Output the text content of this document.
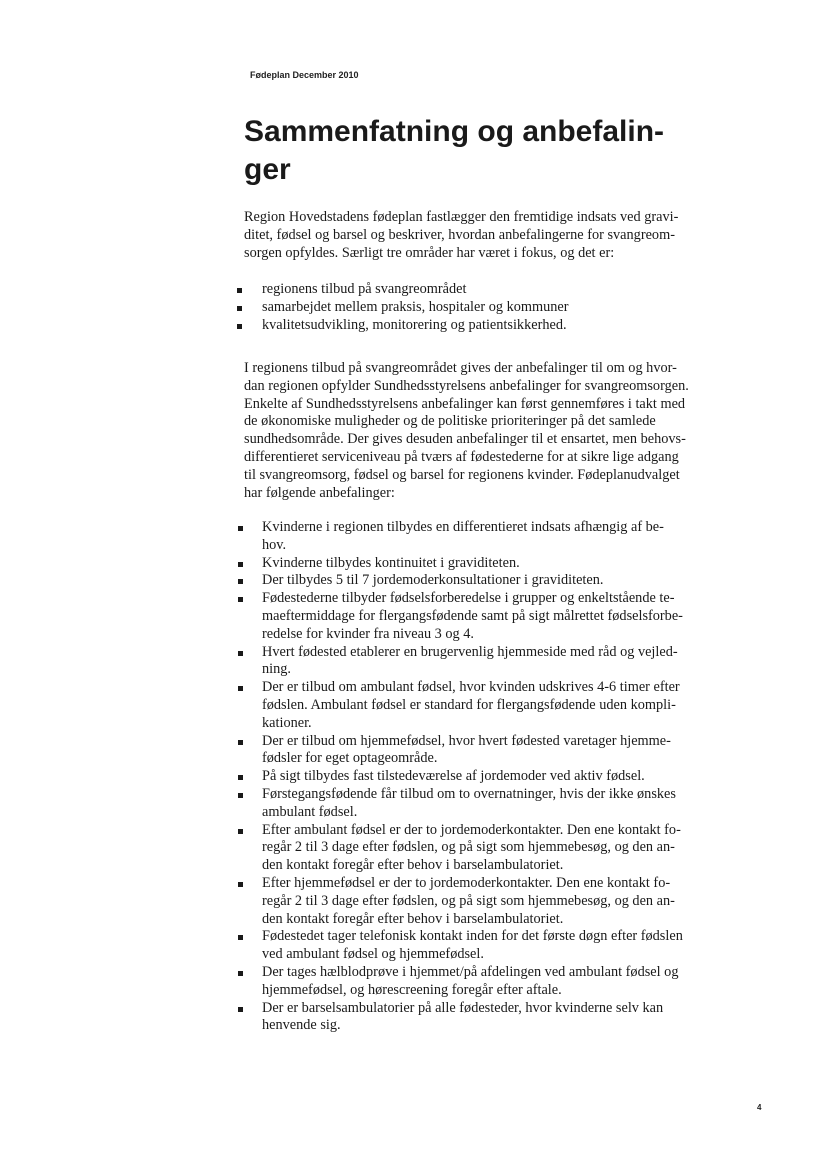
Fødeplan December 2010
Sammenfatning og anbefalin-
ger

Region Hovedstadens fødeplan fastlægger den fremtidige indsats ved gravi-
ditet, fødsel og barsel og beskriver, hvordan anbefalingerne for svangreom-
sorgen opfyldes. Særligt tre områder har været i fokus, og det er:

regionens tilbud på svangreområdet
samarbejdet mellem praksis, hospitaler og kommuner
kvalitetsudvikling, monitorering og patientsikkerhed.

I regionens tilbud på svangreområdet gives der anbefalinger til om og hvor-
dan regionen opfylder Sundhedsstyrelsens anbefalinger for svangreomsorgen.
Enkelte af Sundhedsstyrelsens anbefalinger kan først gennemføres i takt med
de økonomiske muligheder og de politiske prioriteringer på det samlede
sundhedsområde. Der gives desuden anbefalinger til et ensartet, men behovs-
differentieret serviceniveau på tværs af fødestederne for at sikre lige adgang
til svangreomsorg, fødsel og barsel for regionens kvinder. Fødeplanudvalget
har følgende anbefalinger:

Kvinderne i regionen tilbydes en differentieret indsats afhængig af be-
hov.
Kvinderne tilbydes kontinuitet i graviditeten.
Der tilbydes 5 til 7 jordemoderkonsultationer i graviditeten.
Fødestederne tilbyder fødselsforberedelse i grupper og enkeltstående te-
maeftermiddage for flergangsfødende samt på sigt målrettet fødselsforbe-
redelse for kvinder fra niveau 3 og 4.
Hvert fødested etablerer en brugervenlig hjemmeside med råd og vejled-
ning.
Der er tilbud om ambulant fødsel, hvor kvinden udskrives 4-6 timer efter
fødslen. Ambulant fødsel er standard for flergangsfødende uden kompli-
kationer.
Der er tilbud om hjemmefødsel, hvor hvert fødested varetager hjemme-
fødsler for eget optageområde.
På sigt tilbydes fast tilstedeværelse af jordemoder ved aktiv fødsel.
Førstegangsfødende får tilbud om to overnatninger, hvis der ikke ønskes
ambulant fødsel.
Efter ambulant fødsel er der to jordemoderkontakter. Den ene kontakt fo-
regår 2 til 3 dage efter fødslen, og på sigt som hjemmebesøg, og den an-
den kontakt foregår efter behov i barselambulatoriet.
Efter hjemmefødsel er der to jordemoderkontakter. Den ene kontakt fo-
regår 2 til 3 dage efter fødslen, og på sigt som hjemmebesøg, og den an-
den kontakt foregår efter behov i barselambulatoriet.
Fødestedet tager telefonisk kontakt inden for det første døgn efter fødslen
ved ambulant fødsel og hjemmefødsel.
Der tages hælblodprøve i hjemmet/på afdelingen ved ambulant fødsel og
hjemmefødsel, og hørescreening foregår efter aftale.
Der er barselsambulatorier på alle fødesteder, hvor kvinderne selv kan
henvende sig.
4
